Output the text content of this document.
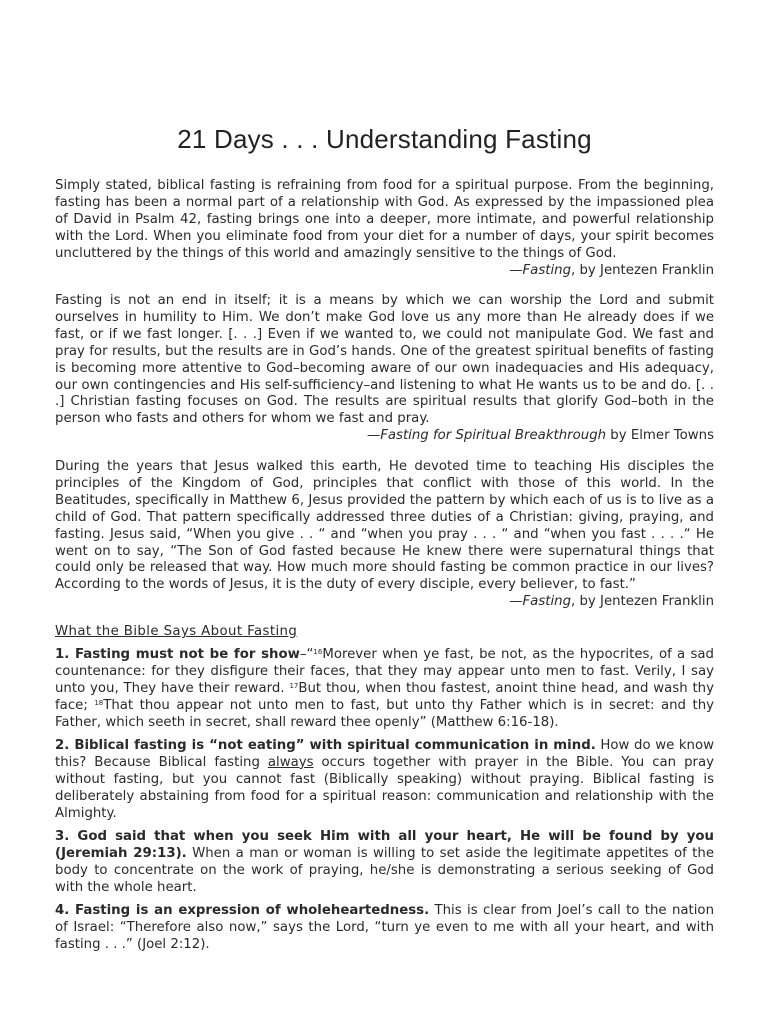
21 Days . . . Understanding Fasting

Simply stated, biblical fasting is refraining from food for a spiritual purpose. From the beginning, fasting has been a normal part of a relationship with God. As expressed by the impassioned plea of David in Psalm 42, fasting brings one into a deeper, more intimate, and powerful relationship with the Lord. When you eliminate food from your diet for a number of days, your spirit becomes uncluttered by the things of this world and amazingly sensitive to the things of God.

—Fasting, by Jentezen Franklin

Fasting is not an end in itself; it is a means by which we can worship the Lord and submit ourselves in humility to Him. We don’t make God love us any more than He already does if we fast, or if we fast longer. [. . .] Even if we wanted to, we could not manipulate God. We fast and pray for results, but the results are in God’s hands. One of the greatest spiritual benefits of fasting is becoming more attentive to God–becoming aware of our own inadequacies and His adequacy, our own contingencies and His self-sufficiency–and listening to what He wants us to be and do. [. . .] Christian fasting focuses on God. The results are spiritual results that glorify God–both in the person who fasts and others for whom we fast and pray.

—Fasting for Spiritual Breakthrough by Elmer Towns

During the years that Jesus walked this earth, He devoted time to teaching His disciples the principles of the Kingdom of God, principles that conflict with those of this world. In the Beatitudes, specifically in Matthew 6, Jesus provided the pattern by which each of us is to live as a child of God. That pattern specifically addressed three duties of a Christian: giving, praying, and fasting. Jesus said, “When you give . . “ and “when you pray . . . “ and “when you fast . . . .“ He went on to say, “The Son of God fasted because He knew there were supernatural things that could only be released that way. How much more should fasting be common practice in our lives? According to the words of Jesus, it is the duty of every disciple, every believer, to fast.”

—Fasting, by Jentezen Franklin
What the Bible Says About Fasting

1. Fasting must not be for show–“$^{16}$Morever when ye fast, be not, as the hypocrites, of a sad countenance: for they disfigure their faces, that they may appear unto men to fast. Verily, I say unto you, They have their reward. $^{17}$But thou, when thou fastest, anoint thine head, and wash thy face; $^{18}$That thou appear not unto men to fast, but unto thy Father which is in secret: and thy Father, which seeth in secret, shall reward thee openly” (Matthew 6:16-18).

2. Biblical fasting is “not eating” with spiritual communication in mind. How do we know this? Because Biblical fasting always occurs together with prayer in the Bible. You can pray without fasting, but you cannot fast (Biblically speaking) without praying. Biblical fasting is deliberately abstaining from food for a spiritual reason: communication and relationship with the Almighty.

3. God said that when you seek Him with all your heart, He will be found by you (Jeremiah 29:13). When a man or woman is willing to set aside the legitimate appetites of the body to concentrate on the work of praying, he/she is demonstrating a serious seeking of God with the whole heart.

4. Fasting is an expression of wholeheartedness. This is clear from Joel’s call to the nation of Israel: “Therefore also now,” says the Lord, “turn ye even to me with all your heart, and with fasting . . .” (Joel 2:12).
